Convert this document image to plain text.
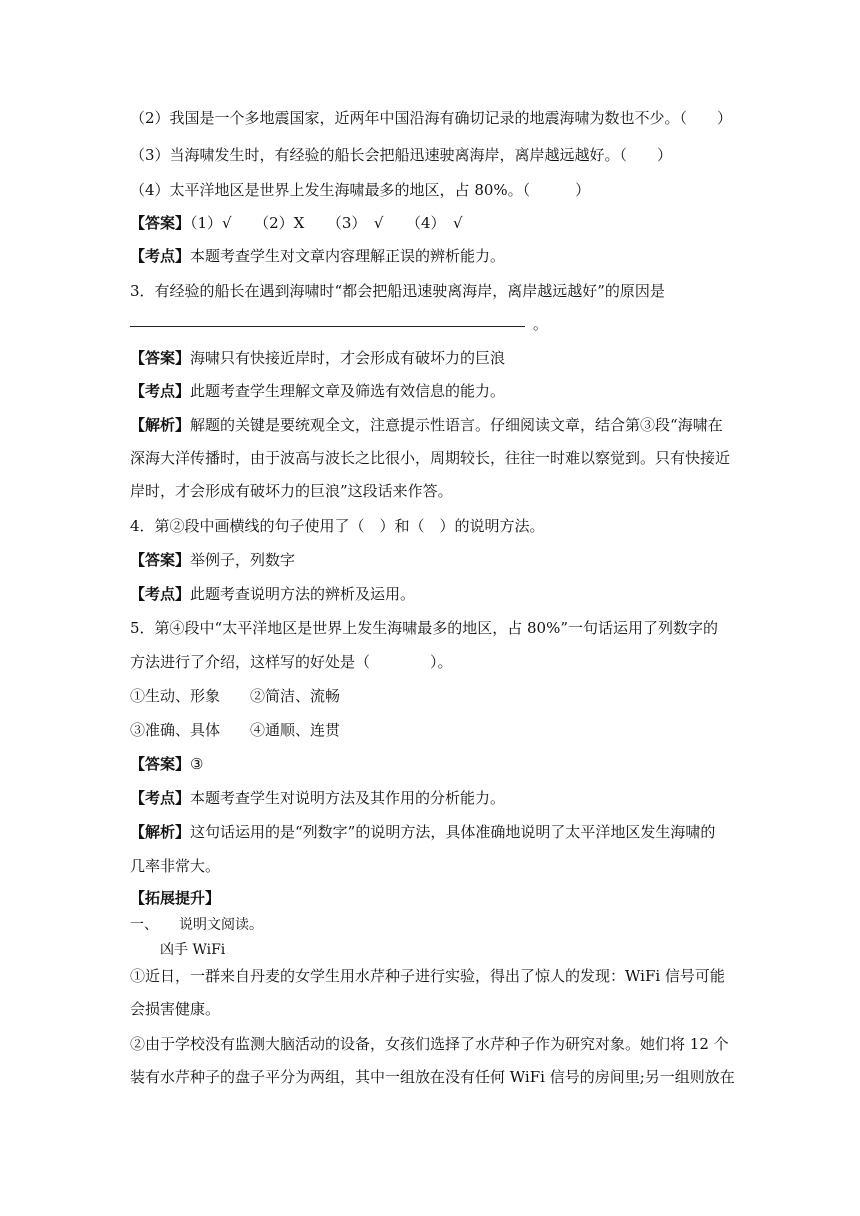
（2）我国是一个多地震国家，近两年中国沿海有确切记录的地震海啸为数也不少。（　　）
（3）当海啸发生时，有经验的船长会把船迅速驶离海岸，离岸越远越好。（　　）
（4）太平洋地区是世界上发生海啸最多的地区，占 80%。（　　　）
【答案】（1）√　　（2）X　　（3）　√　　（4）　√
【考点】本题考查学生对文章内容理解正误的辨析能力。
3．有经验的船长在遇到海啸时“都会把船迅速驶离海岸，离岸越远越好”的原因是
。
【答案】海啸只有快接近岸时，才会形成有破坏力的巨浪
【考点】此题考查学生理解文章及筛选有效信息的能力。
【解析】解题的关键是要统观全文，注意提示性语言。仔细阅读文章，结合第③段“海啸在
深海大洋传播时，由于波高与波长之比很小，周期较长，往往一时难以察觉到。只有快接近
岸时，才会形成有破坏力的巨浪”这段话来作答。
4．第②段中画横线的句子使用了（　）和（　）的说明方法。
【答案】举例子，列数字
【考点】此题考查说明方法的辨析及运用。
5．第④段中“太平洋地区是世界上发生海啸最多的地区，占 80%”一句话运用了列数字的
方法进行了介绍，这样写的好处是（　　　　）。
①生动、形象　　②简洁、流畅
③准确、具体　　④通顺、连贯
【答案】③
【考点】本题考查学生对说明方法及其作用的分析能力。
【解析】这句话运用的是“列数字”的说明方法，具体准确地说明了太平洋地区发生海啸的
几率非常大。
【拓展提升】
一、　　说明文阅读。
凶手 WiFi
①近日，一群来自丹麦的女学生用水芹种子进行实验，得出了惊人的发现：WiFi 信号可能
会损害健康。
②由于学校没有监测大脑活动的设备，女孩们选择了水芹种子作为研究对象。她们将 12 个
装有水芹种子的盘子平分为两组，其中一组放在没有任何 WiFi 信号的房间里;另一组则放在
